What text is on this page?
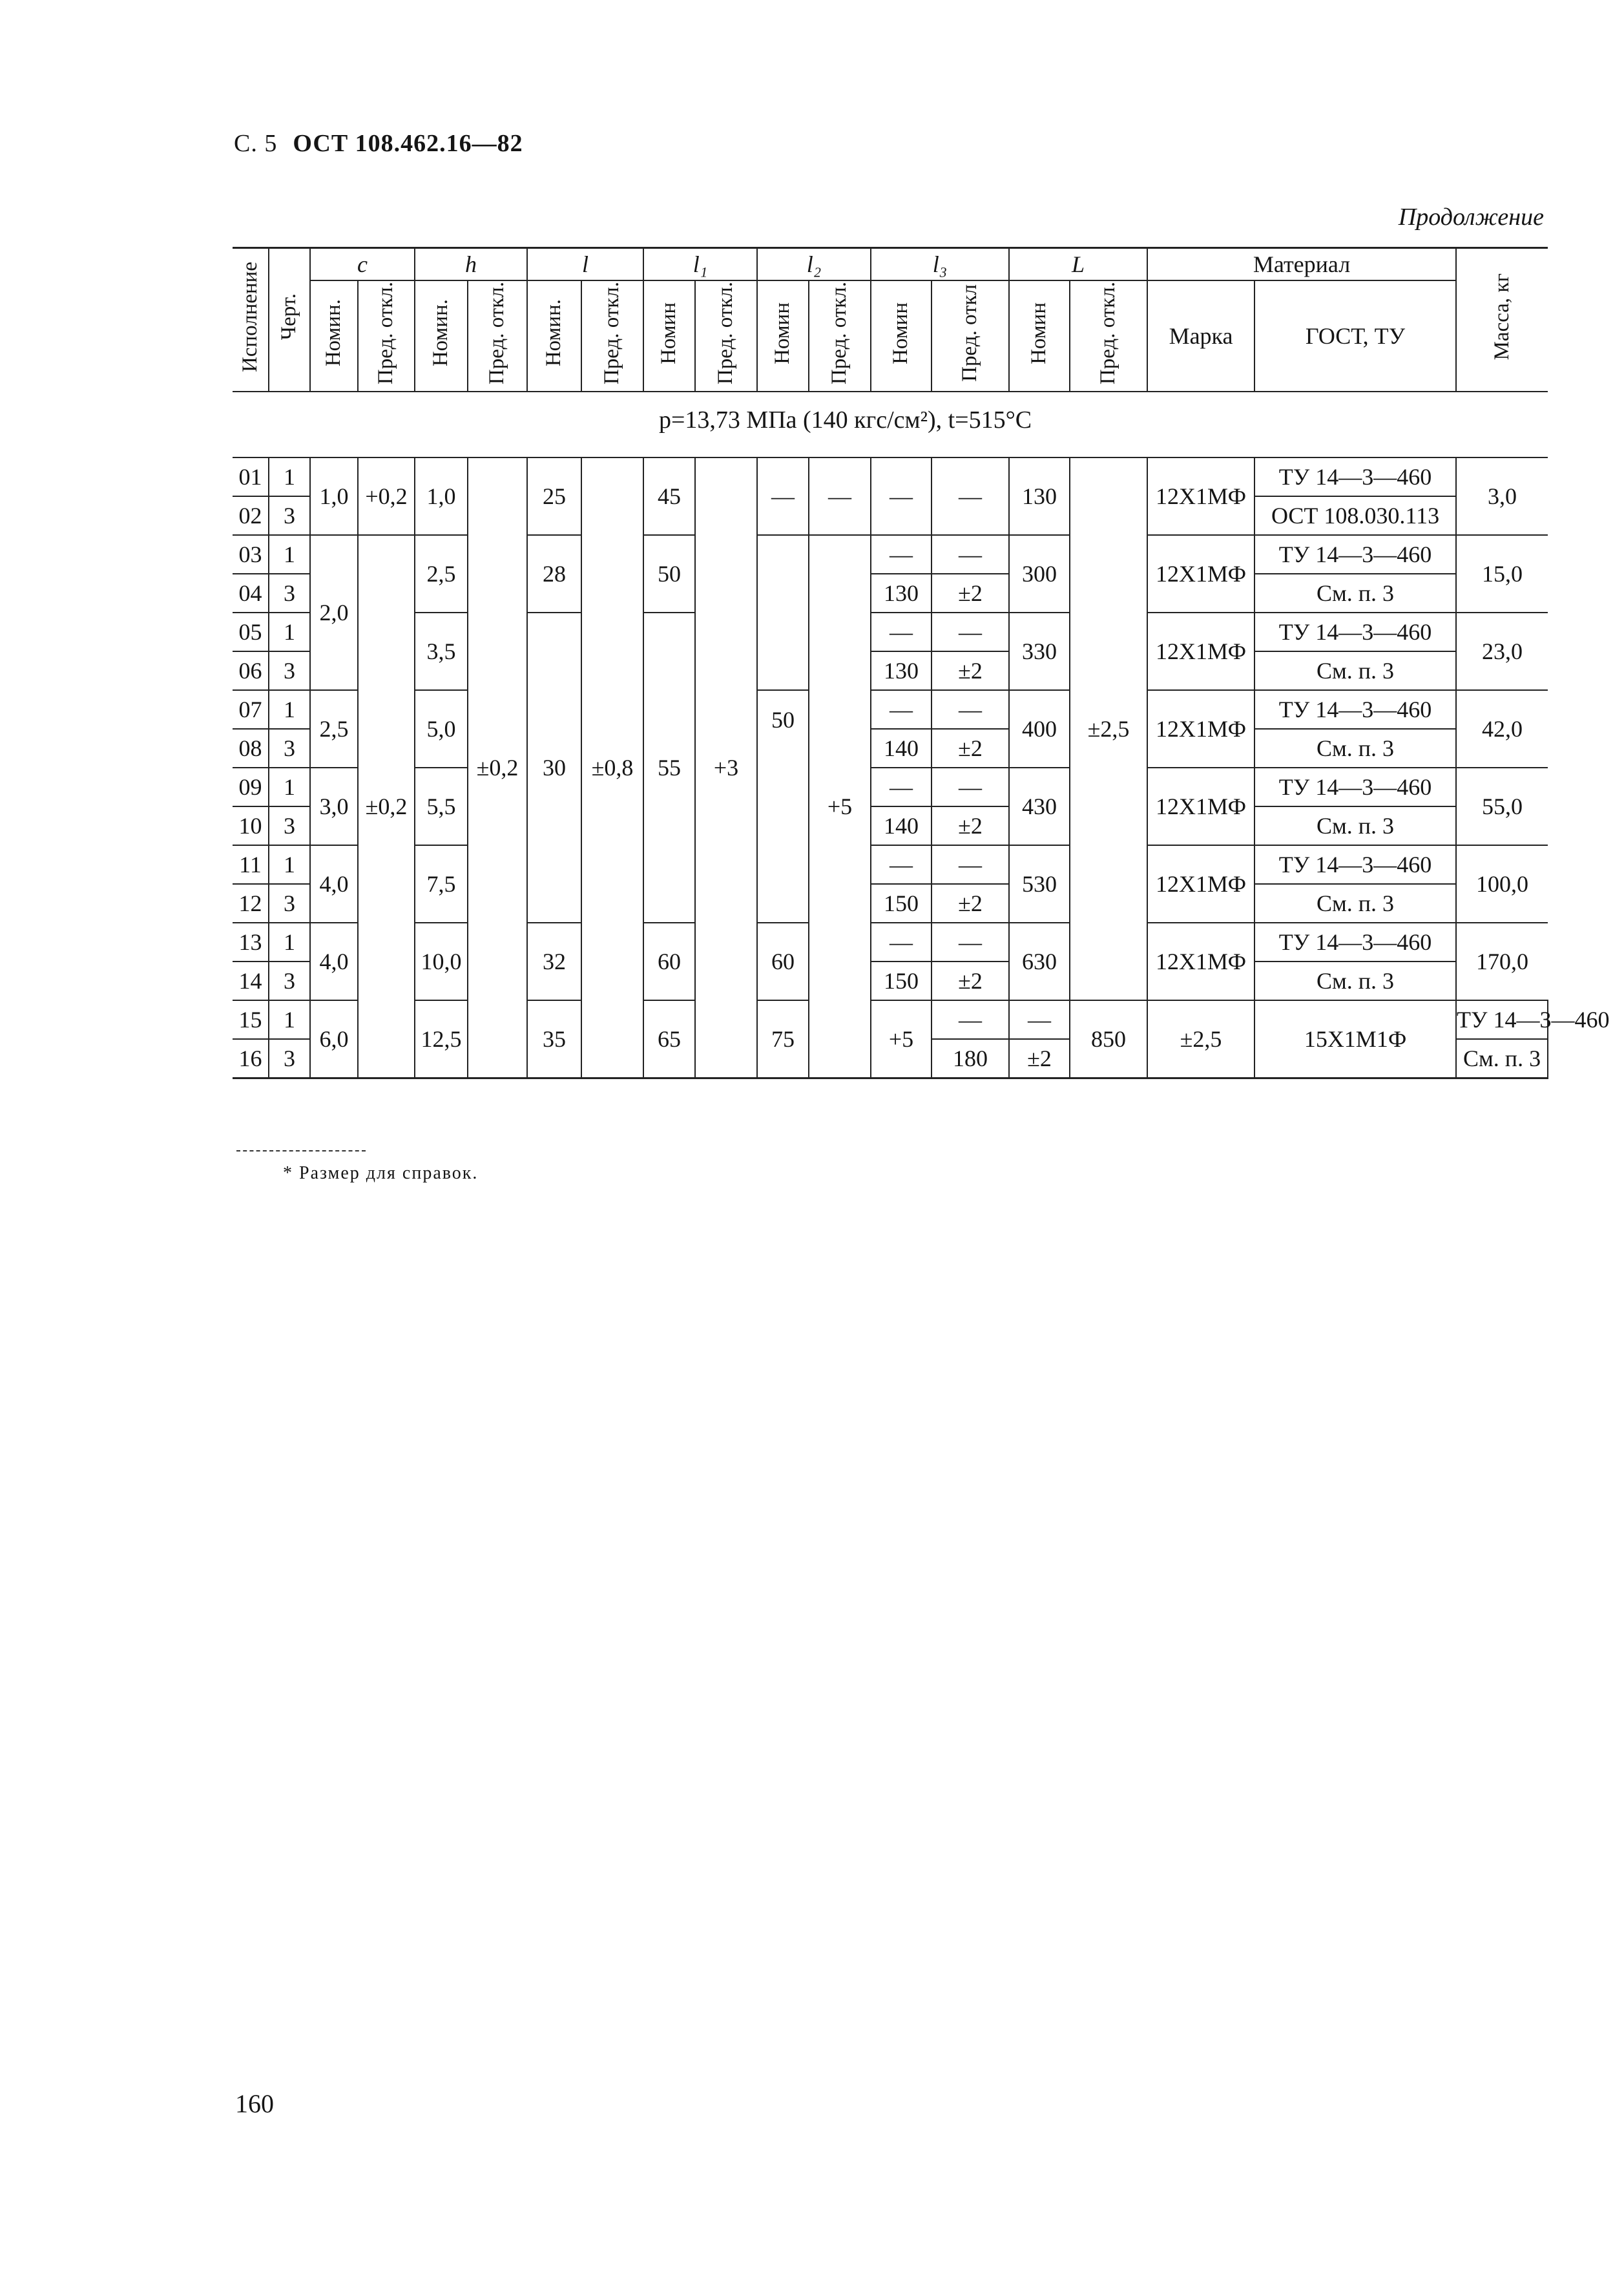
С. 5 ОСТ 108.462.16—82
Продолжение
p=13,73 МПа (140 кгс/см²), t=515°C
Исполнение	Черт.	c		h		l		l₁		l₂		l₃		L		Материал		Масса, кг	
		Номин.	Пред. откл.	Номин.	Пред. откл.	Номин.	Пред. откл.	Номин	Пред. откл.	Номин	Пред. откл.	Номин	Пред. откл	Номин	Пред. откл.	Марка	ГОСТ, ТУ		

01	1	1,0	+0,2	1,0	±0,2	25	±0,8	45	+3	—	—	—	—	130	±2,5	12Х1МФ	ТУ 14—3—460	3,0	
02	3																ОСТ 108.030.113		
03	1	2,0	±0,2	2,5		28		50			+5	—	—	300		12Х1МФ	ТУ 14—3—460	15,0	
04	3											130	±2				См. п. 3		
05	1			3,5		30		55				—	—	330		12Х1МФ	ТУ 14—3—460	23,0	
06	3											130	±2				См. п. 3		
07	1	2,5		5,0						50		—	—	400		12Х1МФ	ТУ 14—3—460	42,0	
08	3											140	±2				См. п. 3		
09	1	3,0		5,5								—	—	430		12Х1МФ	ТУ 14—3—460	55,0	
10	3											140	±2				См. п. 3		
11	1	4,0		7,5								—	—	530		12Х1МФ	ТУ 14—3—460	100,0	
12	3											150	±2				См. п. 3		
13	1	4,0		10,0		32		60		60		—	—	630		12Х1МФ	ТУ 14—3—460	170,0	
14	3											150	±2				См. п. 3		
15	1	6,0		12,5		35		65		75		+5	—	—	850	±2,5	15Х1М1Ф	ТУ 14—3—460	
16	3												180	±2				См. п. 3	
* Размер для справок.
160
